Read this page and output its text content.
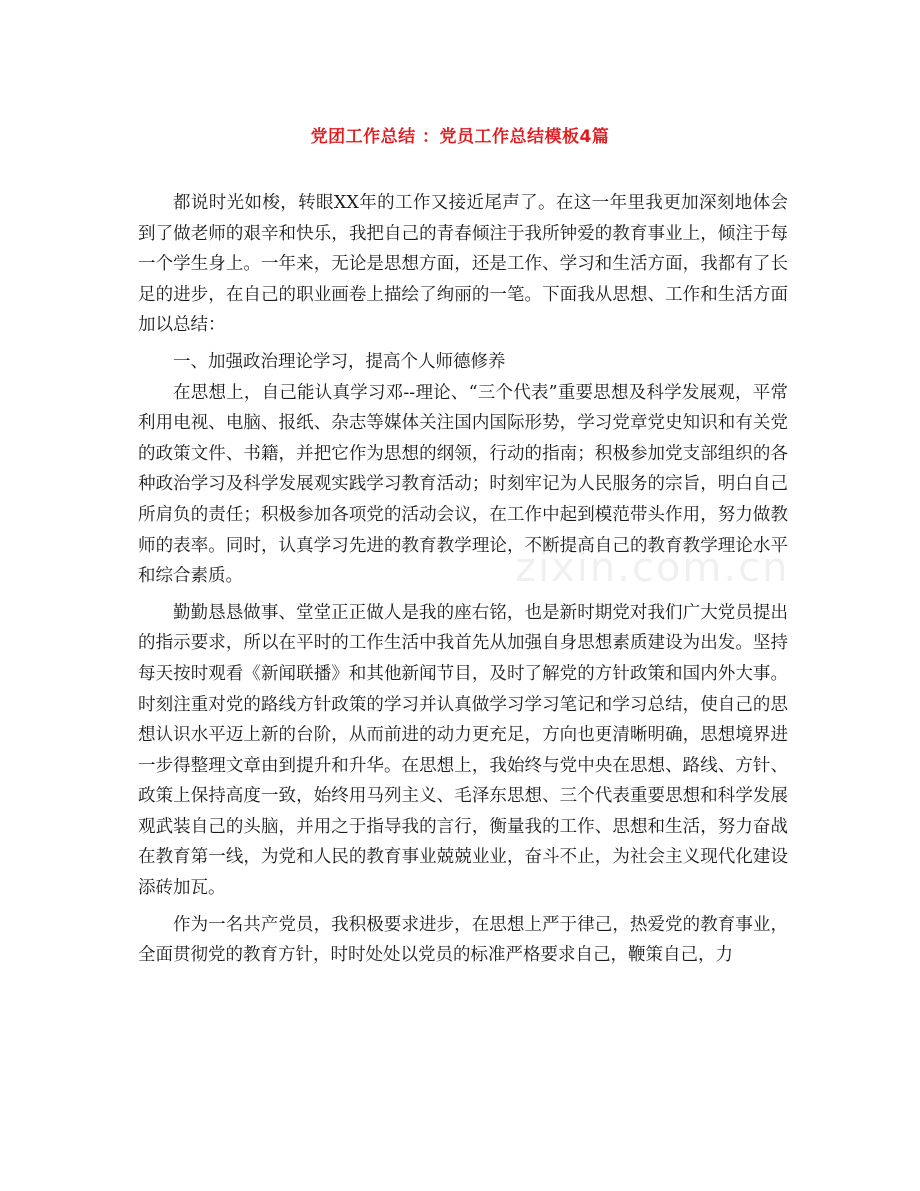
党团工作总结 ：党员工作总结模板4篇

都说时光如梭，转眼XX年的工作又接近尾声了。在这一年里我更加深刻地体会到了做老师的艰辛和快乐，我把自己的青春倾注于我所钟爱的教育事业上，倾注于每一个学生身上。一年来，无论是思想方面，还是工作、学习和生活方面，我都有了长足的进步，在自己的职业画卷上描绘了绚丽的一笔。下面我从思想、工作和生活方面加以总结：

一、加强政治理论学习，提高个人师德修养

在思想上，自己能认真学习邓--理论、“三个代表”重要思想及科学发展观，平常利用电视、电脑、报纸、杂志等媒体关注国内国际形势，学习党章党史知识和有关党的政策文件、书籍，并把它作为思想的纲领，行动的指南；积极参加党支部组织的各种政治学习及科学发展观实践学习教育活动；时刻牢记为人民服务的宗旨，明白自己所肩负的责任；积极参加各项党的活动会议，在工作中起到模范带头作用，努力做教师的表率。同时，认真学习先进的教育教学理论，不断提高自己的教育教学理论水平和综合素质。

勤勤恳恳做事、堂堂正正做人是我的座右铭，也是新时期党对我们广大党员提出的指示要求，所以在平时的工作生活中我首先从加强自身思想素质建设为出发。坚持每天按时观看《新闻联播》和其他新闻节目，及时了解党的方针政策和国内外大事。时刻注重对党的路线方针政策的学习并认真做学习学习笔记和学习总结，使自己的思想认识水平迈上新的台阶，从而前进的动力更充足，方向也更清晰明确，思想境界进一步得整理文章由到提升和升华。在思想上，我始终与党中央在思想、路线、方针、政策上保持高度一致，始终用马列主义、毛泽东思想、三个代表重要思想和科学发展观武装自己的头脑，并用之于指导我的言行，衡量我的工作、思想和生活，努力奋战在教育第一线，为党和人民的教育事业兢兢业业，奋斗不止，为社会主义现代化建设添砖加瓦。

作为一名共产党员，我积极要求进步，在思想上严于律己，热爱党的教育事业，全面贯彻党的教育方针，时时处处以党员的标准严格要求自己，鞭策自己，力

zixin.com.cn
